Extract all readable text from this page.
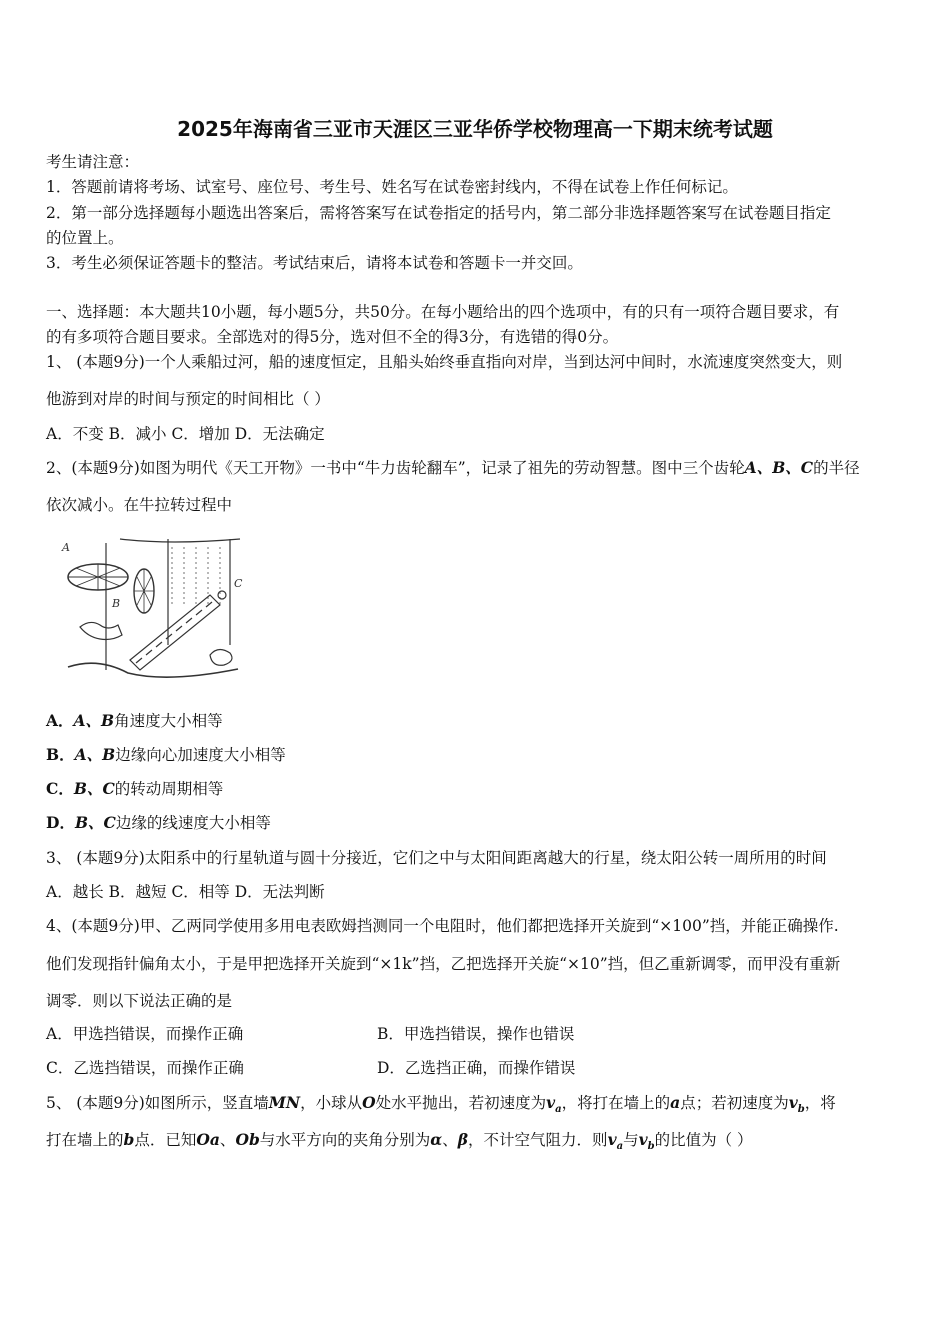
2025年海南省三亚市天涯区三亚华侨学校物理高一下期末统考试题
考生请注意：
1．答题前请将考场、试室号、座位号、考生号、姓名写在试卷密封线内，不得在试卷上作任何标记。
2．第一部分选择题每小题选出答案后，需将答案写在试卷指定的括号内，第二部分非选择题答案写在试卷题目指定
的位置上。
3．考生必须保证答题卡的整洁。考试结束后，请将本试卷和答题卡一并交回。
一、选择题：本大题共10小题，每小题5分，共50分。在每小题给出的四个选项中，有的只有一项符合题目要求，有
的有多项符合题目要求。全部选对的得5分，选对但不全的得3分，有选错的得0分。
1、 (本题9分)一个人乘船过河，船的速度恒定，且船头始终垂直指向对岸，当到达河中间时，水流速度突然变大，则
他游到对岸的时间与预定的时间相比（ ）
A．不变 B．减小 C．增加 D．无法确定
2、(本题9分)如图为明代《天工开物》一书中“牛力齿轮翻车”，记录了祖先的劳动智慧。图中三个齿轮A、B、C的半径
依次减小。在牛拉转过程中
A
B
C
A．A、B角速度大小相等
B．A、B边缘向心加速度大小相等
C．B、C的转动周期相等
D．B、C边缘的线速度大小相等
3、 (本题9分)太阳系中的行星轨道与圆十分接近，它们之中与太阳间距离越大的行星，绕太阳公转一周所用的时间
A．越长 B．越短 C．相等 D．无法判断
4、(本题9分)甲、乙两同学使用多用电表欧姆挡测同一个电阻时，他们都把选择开关旋到“×100”挡，并能正确操作.
他们发现指针偏角太小，于是甲把选择开关旋到“×1k”挡，乙把选择开关旋“×10”挡，但乙重新调零，而甲没有重新
调零．则以下说法正确的是
A．甲选挡错误，而操作正确	B．甲选挡错误，操作也错误
C．乙选挡错误，而操作正确	D．乙选挡正确，而操作错误
5、 (本题9分)如图所示，竖直墙MN，小球从O处水平抛出，若初速度为$v_a$，将打在墙上的a点；若初速度为$v_b$，将
打在墙上的b点．已知Oa、Ob与水平方向的夹角分别为α、β，不计空气阻力．则$v_a$与$v_b$的比值为（ ）
